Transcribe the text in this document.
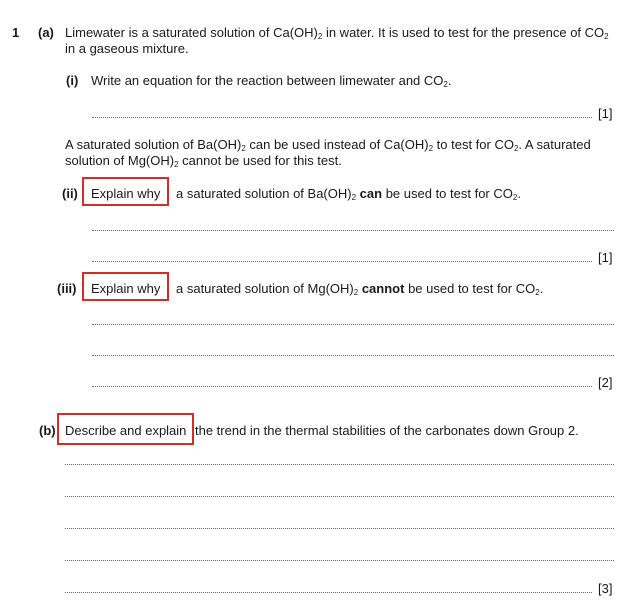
1 (a) Limewater is a saturated solution of $Ca(OH)_2$ in water. It is used to test for the presence of $CO_2$
in a gaseous mixture.
(i) Write an equation for the reaction between limewater and $CO_2$.
[1]
A saturated solution of $Ba(OH)_2$ can be used instead of $Ca(OH)_2$ to test for $CO_2$. A saturated
solution of $Mg(OH)_2$ cannot be used for this test.
(ii) Explain why a saturated solution of $Ba(OH)_2$ can be used to test for $CO_2$.
[1]
(iii) Explain why a saturated solution of $Mg(OH)_2$ cannot be used to test for $CO_2$.
[2]
(b) Describe and explain the trend in the thermal stabilities of the carbonates down Group 2.
[3]
